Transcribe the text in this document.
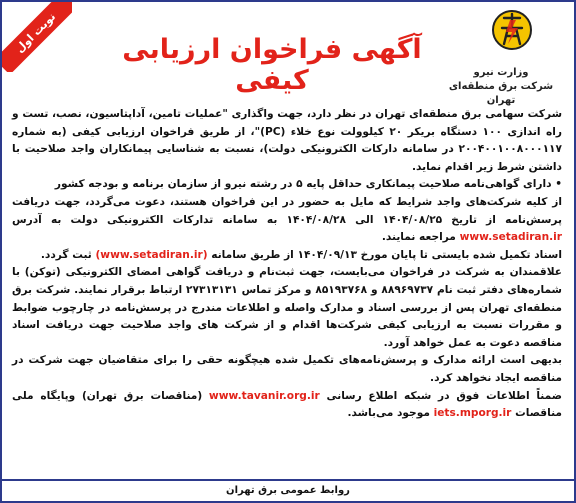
نوبت اول	آگهی فراخوان ارزیابی کیفی	وزارت نیرو
شرکت برق منطقه‌ای تهران

شرکت سهامی برق منطقه‌ای تهران در نظر دارد، جهت واگذاری "عملیات تامین، آداپتاسیون، نصب، تست و راه اندازی ۱۰۰ دستگاه بریکر ۲۰ کیلوولت نوع خلاء (PC)"، از طریق فراخوان ارزیابی کیفی (به شماره ۲۰۰۴۰۰۱۰۰۸۰۰۰۱۱۷ در سامانه دارکات الکترونیکی دولت)، نسبت به شناسایی پیمانکاران واجد صلاحیت با داشتن شرط زیر اقدام نماید.

• دارای گواهی‌نامه صلاحیت پیمانکاری حداقل پایه ۵ در رشته نیرو از سازمان برنامه و بودجه کشور

از کلیه شرکت‌های واجد شرایط که مایل به حضور در این فراخوان هستند، دعوت می‌گردد، جهت دریافت پرسش‌نامه از تاریخ ۱۴۰۴/۰۸/۲۵ الی ۱۴۰۴/۰۸/۲۸ به سامانه تدارکات الکترونیکی دولت به آدرس www.setadiran.ir مراجعه نمایند.

اسناد تکمیل شده بایستی تا پایان مورخ ۱۴۰۴/۰۹/۱۳ از طریق سامانه (www.setadiran.ir) ثبت گردد.

علاقمندان به شرکت در فراخوان می‌بایست، جهت ثبت‌نام و دریافت گواهی امضای الکترونیکی (توکن) با شماره‌های دفتر ثبت نام ۸۸۹۶۹۷۳۷ و ۸۵۱۹۳۷۶۸ و مرکز تماس ۲۷۳۱۳۱۳۱ ارتباط برقرار نمایند. شرکت برق منطقه‌ای تهران پس از بررسی اسناد و مدارک واصله و اطلاعات مندرج در پرسش‌نامه در چارچوب ضوابط و مقررات نسبت به ارزیابی کیفی شرکت‌ها اقدام و از شرکت های واجد صلاحیت جهت دریافت اسناد مناقصه دعوت به عمل خواهد آورد.

بدیهی است ارائه مدارک و پرسش‌نامه‌های تکمیل شده هیچگونه حقی را برای متقاضیان جهت شرکت در مناقصه ایجاد نخواهد کرد.

ضمناً اطلاعات فوق در شبکه اطلاع رسانی www.tavanir.org.ir (مناقصات برق تهران) وپایگاه ملی مناقصات iets.mporg.ir موجود می‌باشد.

روابط عمومی برق تهران
